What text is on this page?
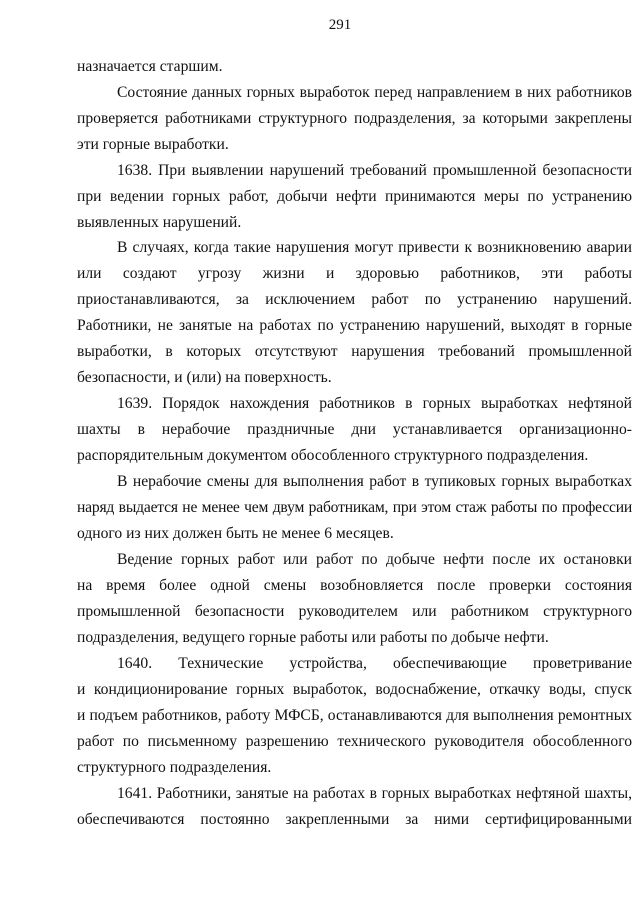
291
назначается старшим.
Состояние данных горных выработок перед направлением в них работников
проверяется работниками структурного подразделения, за которыми закреплены
эти горные выработки.
1638. При выявлении нарушений требований промышленной безопасности
при ведении горных работ, добычи нефти принимаются меры по устранению
выявленных нарушений.
В случаях, когда такие нарушения могут привести к возникновению аварии
или создают угрозу жизни и здоровью работников, эти работы
приостанавливаются, за исключением работ по устранению нарушений.
Работники, не занятые на работах по устранению нарушений, выходят в горные
выработки, в которых отсутствуют нарушения требований промышленной
безопасности, и (или) на поверхность.
1639. Порядок нахождения работников в горных выработках нефтяной
шахты в нерабочие праздничные дни устанавливается организационно-
распорядительным документом обособленного структурного подразделения.
В нерабочие смены для выполнения работ в тупиковых горных выработках
наряд выдается не менее чем двум работникам, при этом стаж работы по профессии
одного из них должен быть не менее 6 месяцев.
Ведение горных работ или работ по добыче нефти после их остановки
на время более одной смены возобновляется после проверки состояния
промышленной безопасности руководителем или работником структурного
подразделения, ведущего горные работы или работы по добыче нефти.
1640. Технические устройства, обеспечивающие проветривание
и кондиционирование горных выработок, водоснабжение, откачку воды, спуск
и подъем работников, работу МФСБ, останавливаются для выполнения ремонтных
работ по письменному разрешению технического руководителя обособленного
структурного подразделения.
1641. Работники, занятые на работах в горных выработках нефтяной шахты,
обеспечиваются постоянно закрепленными за ними сертифицированными
